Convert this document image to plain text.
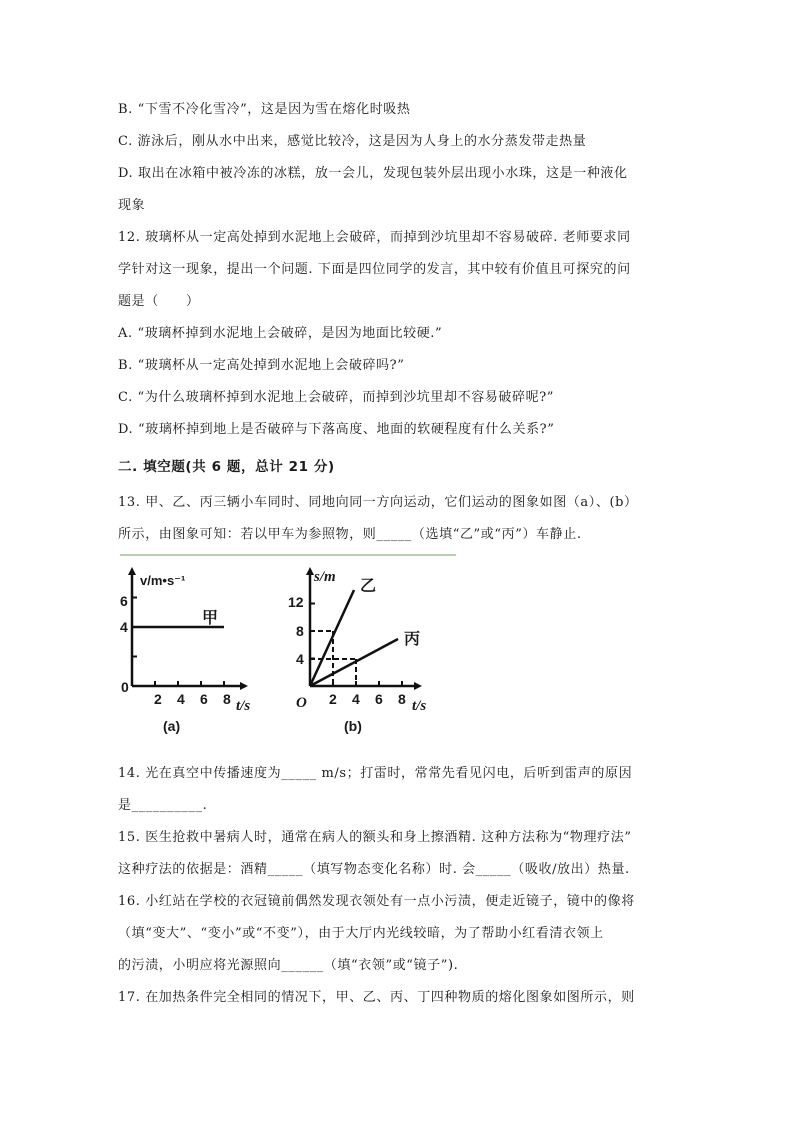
B. “下雪不冷化雪冷”，这是因为雪在熔化时吸热
C. 游泳后，刚从水中出来，感觉比较冷，这是因为人身上的水分蒸发带走热量
D. 取出在冰箱中被冷冻的冰糕，放一会儿，发现包装外层出现小水珠，这是一种液化
现象
12. 玻璃杯从一定高处掉到水泥地上会破碎，而掉到沙坑里却不容易破碎. 老师要求同
学针对这一现象，提出一个问题. 下面是四位同学的发言，其中较有价值且可探究的问
题是（　　）
A. “玻璃杯掉到水泥地上会破碎，是因为地面比较硬.”
B. “玻璃杯从一定高处掉到水泥地上会破碎吗?”
C. “为什么玻璃杯掉到水泥地上会破碎，而掉到沙坑里却不容易破碎呢?”
D. “玻璃杯掉到地上是否破碎与下落高度、地面的软硬程度有什么关系?”
二. 填空题(共 6 题，总计 21 分)
13. 甲、乙、丙三辆小车同时、同地向同一方向运动，它们运动的图象如图（a）、(b）
所示，由图象可知：若以甲车为参照物，则_____（选填“乙”或“丙”）车静止.
v/m•s⁻¹
t/s
0
6
4
2 4 6 8
甲
(a)
s/m
t/s
O
12
8
4
2 4 6 8
乙
丙
(b)
14. 光在真空中传播速度为_____ m/s；打雷时，常常先看见闪电，后听到雷声的原因
是__________.
15. 医生抢救中暑病人时，通常在病人的额头和身上擦酒精. 这种方法称为“物理疗法”
这种疗法的依据是：酒精_____（填写物态变化名称）时. 会_____（吸收/放出）热量.
16. 小红站在学校的衣冠镜前偶然发现衣领处有一点小污渍，便走近镜子，镜中的像将
（填“变大”、“变小”或“不变”），由于大厅内光线较暗，为了帮助小红看清衣领上
的污渍，小明应将光源照向______（填“衣领”或“镜子”).
17. 在加热条件完全相同的情况下，甲、乙、丙、丁四种物质的熔化图象如图所示，则
